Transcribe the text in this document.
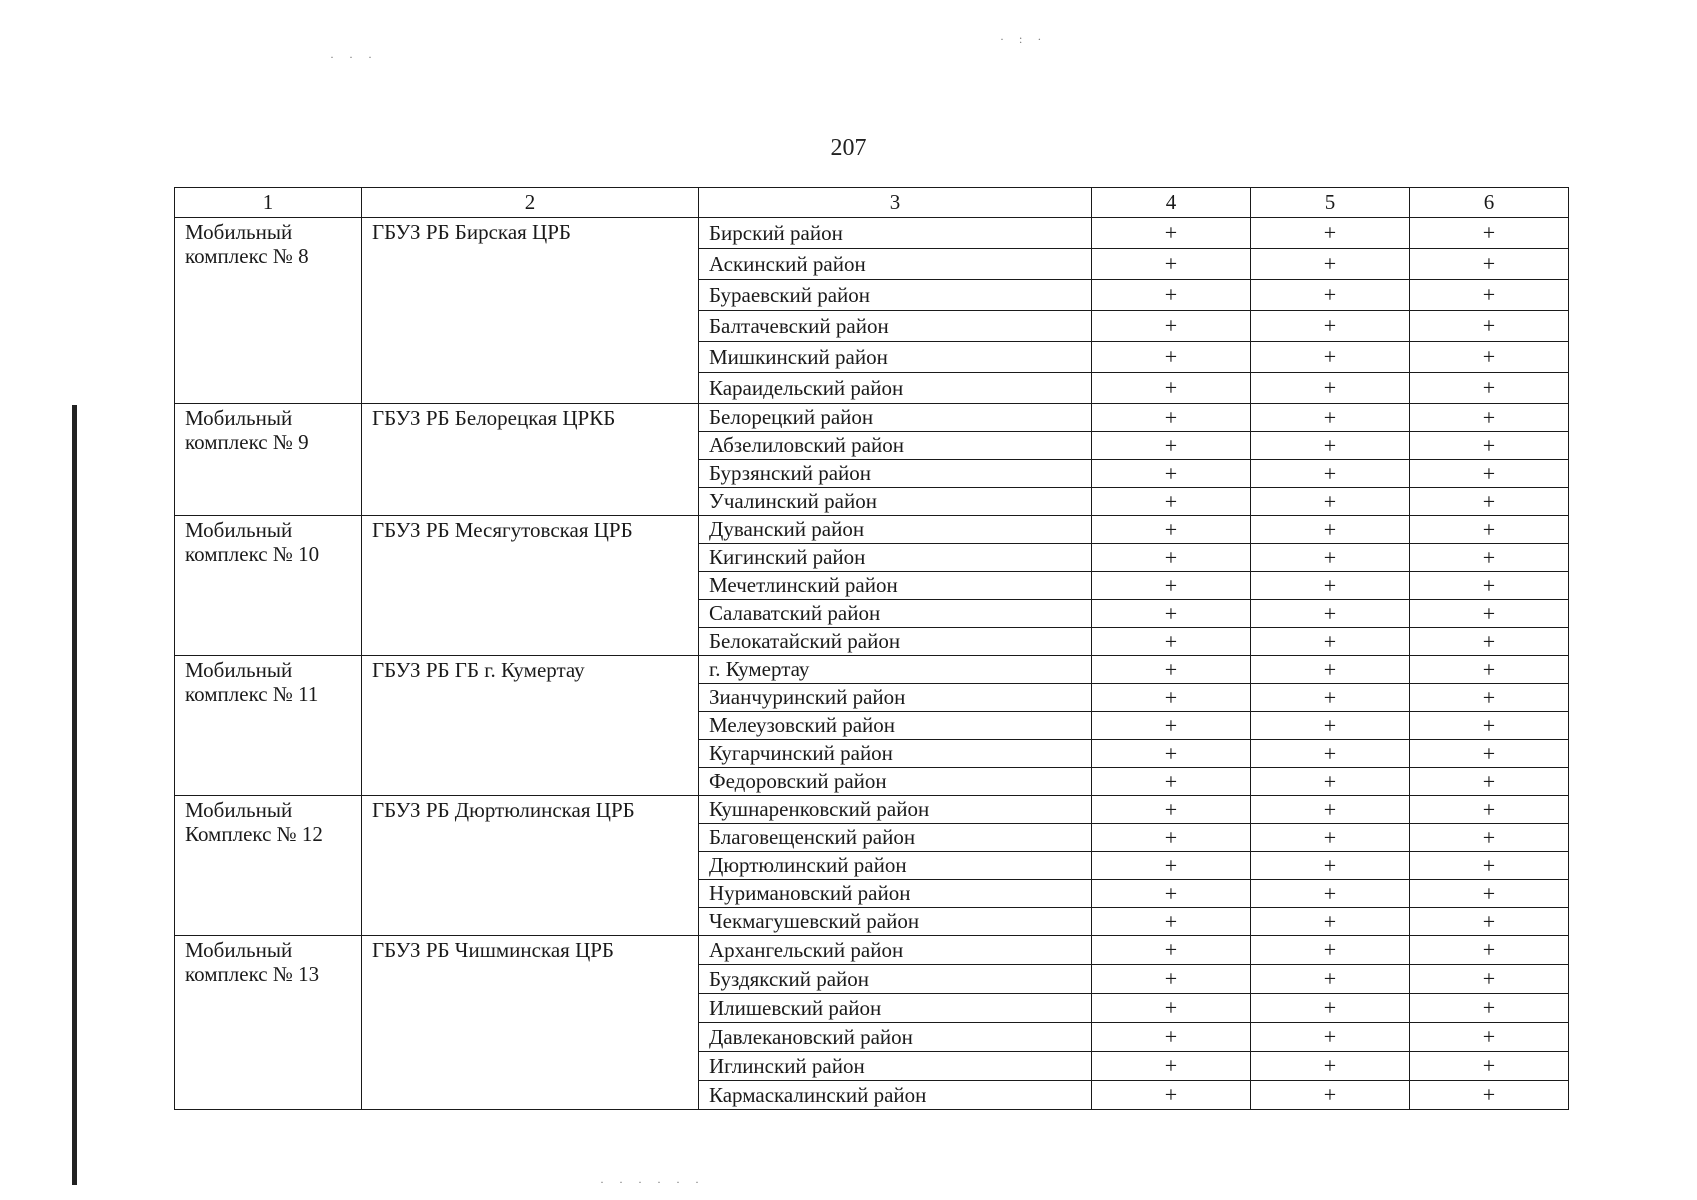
207
1	2	3	4	5	6
Мобильный комплекс № 8	ГБУЗ РБ Бирская ЦРБ	Бирский район	+	+	+
		Аскинский район	+	+	+
		Бураевский район	+	+	+
		Балтачевский район	+	+	+
		Мишкинский район	+	+	+
		Караидельский район	+	+	+
Мобильный комплекс № 9	ГБУЗ РБ Белорецкая ЦРКБ	Белорецкий район	+	+	+
		Абзелиловский район	+	+	+
		Бурзянский район	+	+	+
		Учалинский район	+	+	+
Мобильный комплекс № 10	ГБУЗ РБ Месягутовская ЦРБ	Дуванский район	+	+	+
		Кигинский район	+	+	+
		Мечетлинский район	+	+	+
		Салаватский район	+	+	+
		Белокатайский район	+	+	+
Мобильный комплекс № 11	ГБУЗ РБ ГБ г. Кумертау	г. Кумертау	+	+	+
		Зианчуринский район	+	+	+
		Мелеузовский район	+	+	+
		Кугарчинский район	+	+	+
		Федоровский район	+	+	+
Мобильный Комплекс № 12	ГБУЗ РБ Дюртюлинская ЦРБ	Кушнаренковский район	+	+	+
		Благовещенский район	+	+	+
		Дюртюлинский район	+	+	+
		Нуримановский район	+	+	+
		Чекмагушевский район	+	+	+
Мобильный комплекс № 13	ГБУЗ РБ Чишминская ЦРБ	Архангельский район	+	+	+
		Буздякский район	+	+	+
		Илишевский район	+	+	+
		Давлекановский район	+	+	+
		Иглинский район	+	+	+
		Кармаскалинский район	+	+	+
· · ·
· : ·
· · · · · ·
